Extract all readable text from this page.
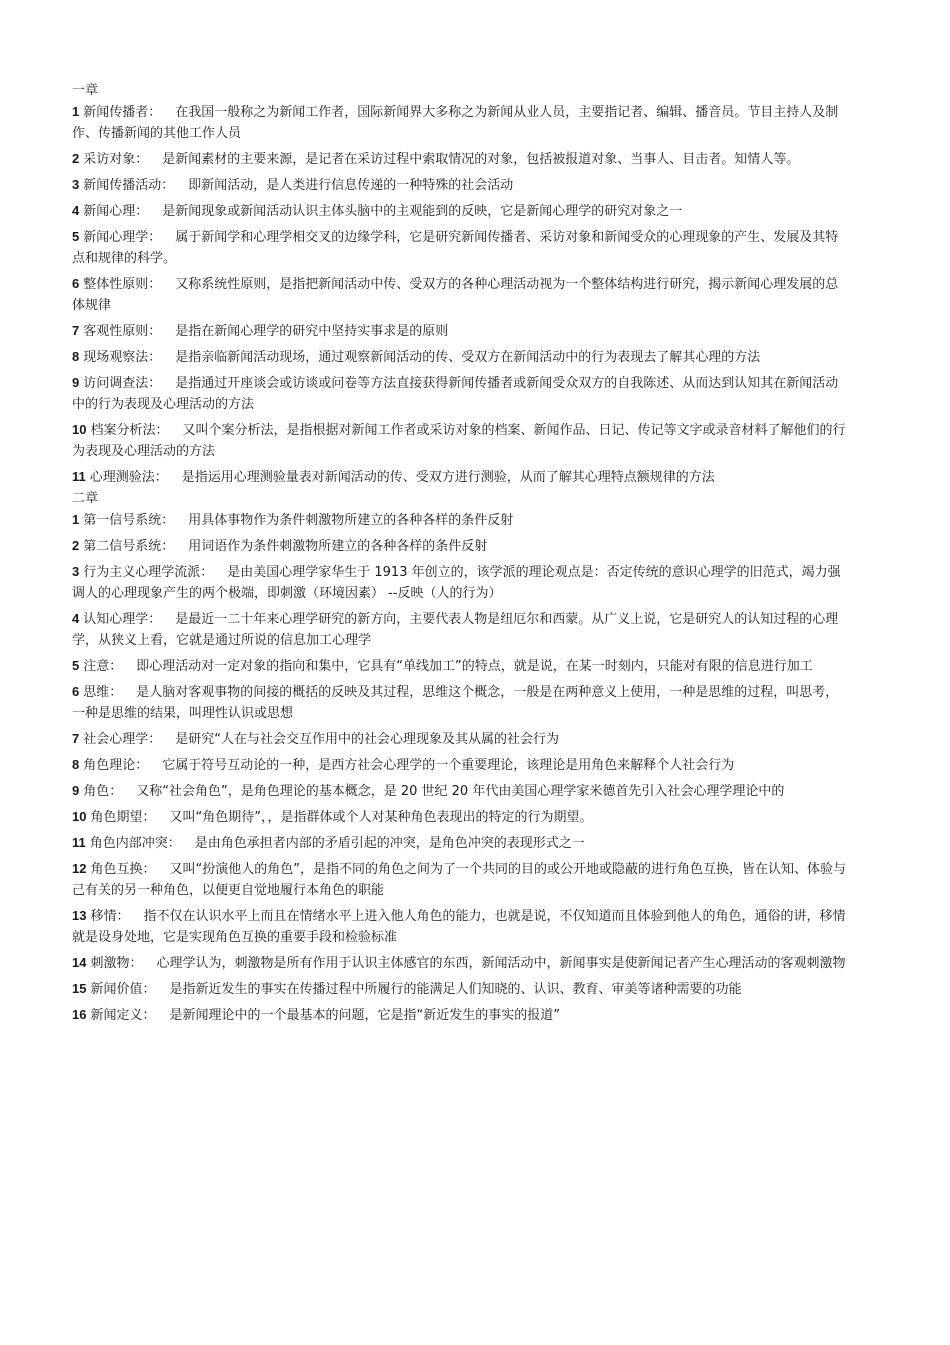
一章

1 新闻传播者： 在我国一般称之为新闻工作者，国际新闻界大多称之为新闻从业人员，主要指记者、编辑、播音员。节目主持人及制作、传播新闻的其他工作人员

2 采访对象： 是新闻素材的主要来源，是记者在采访过程中索取情况的对象，包括被报道对象、当事人、目击者。知情人等。

3 新闻传播活动： 即新闻活动，是人类进行信息传递的一种特殊的社会活动

4 新闻心理： 是新闻现象或新闻活动认识主体头脑中的主观能到的反映，它是新闻心理学的研究对象之一

5 新闻心理学： 属于新闻学和心理学相交叉的边缘学科，它是研究新闻传播者、采访对象和新闻受众的心理现象的产生、发展及其特点和规律的科学。

6 整体性原则： 又称系统性原则，是指把新闻活动中传、受双方的各种心理活动视为一个整体结构进行研究，揭示新闻心理发展的总体规律

7 客观性原则： 是指在新闻心理学的研究中坚持实事求是的原则

8 现场观察法： 是指亲临新闻活动现场，通过观察新闻活动的传、受双方在新闻活动中的行为表现去了解其心理的方法

9 访问调查法： 是指通过开座谈会或访谈或问卷等方法直接获得新闻传播者或新闻受众双方的自我陈述、从而达到认知其在新闻活动中的行为表现及心理活动的方法

10 档案分析法： 又叫个案分析法，是指根据对新闻工作者或采访对象的档案、新闻作品、日记、传记等文字或录音材料了解他们的行为表现及心理活动的方法

11 心理测验法： 是指运用心理测验量表对新闻活动的传、受双方进行测验，从而了解其心理特点额规律的方法

二章

1 第一信号系统： 用具体事物作为条件刺激物所建立的各种各样的条件反射

2 第二信号系统： 用词语作为条件刺激物所建立的各种各样的条件反射

3 行为主义心理学流派： 是由美国心理学家华生于 1913 年创立的，该学派的理论观点是：否定传统的意识心理学的旧范式，竭力强调人的心理现象产生的两个极端，即刺激（环境因素） --反映（人的行为）

4 认知心理学： 是最近一二十年来心理学研究的新方向，主要代表人物是纽厄尔和西蒙。从广义上说，它是研究人的认知过程的心理学，从狭义上看，它就是通过所说的信息加工心理学

5 注意： 即心理活动对一定对象的指向和集中，它具有“单线加工”的特点，就是说，在某一时刻内，只能对有限的信息进行加工

6 思维： 是人脑对客观事物的间接的概括的反映及其过程，思维这个概念，一般是在两种意义上使用，一种是思维的过程，叫思考，一种是思维的结果，叫理性认识或思想

7 社会心理学： 是研究“人在与社会交互作用中的社会心理现象及其从属的社会行为

8 角色理论： 它属于符号互动论的一种，是西方社会心理学的一个重要理论，该理论是用角色来解释个人社会行为

9 角色： 又称“社会角色”，是角色理论的基本概念，是 20 世纪 20 年代由美国心理学家米德首先引入社会心理学理论中的

10 角色期望： 又叫“角色期待”，，是指群体或个人对某种角色表现出的特定的行为期望。

11 角色内部冲突： 是由角色承担者内部的矛盾引起的冲突，是角色冲突的表现形式之一

12 角色互换： 又叫“扮演他人的角色”，是指不同的角色之间为了一个共同的目的或公开地或隐蔽的进行角色互换，皆在认知、体验与己有关的另一种角色，以便更自觉地履行本角色的职能

13 移情： 指不仅在认识水平上而且在情绪水平上进入他人角色的能力，也就是说，不仅知道而且体验到他人的角色，通俗的讲，移情就是设身处地，它是实现角色互换的重要手段和检验标准

14 刺激物： 心理学认为，刺激物是所有作用于认识主体感官的东西，新闻活动中，新闻事实是使新闻记者产生心理活动的客观刺激物

15 新闻价值： 是指新近发生的事实在传播过程中所履行的能满足人们知晓的、认识、教育、审美等诸种需要的功能

16 新闻定义： 是新闻理论中的一个最基本的问题，它是指“新近发生的事实的报道”
